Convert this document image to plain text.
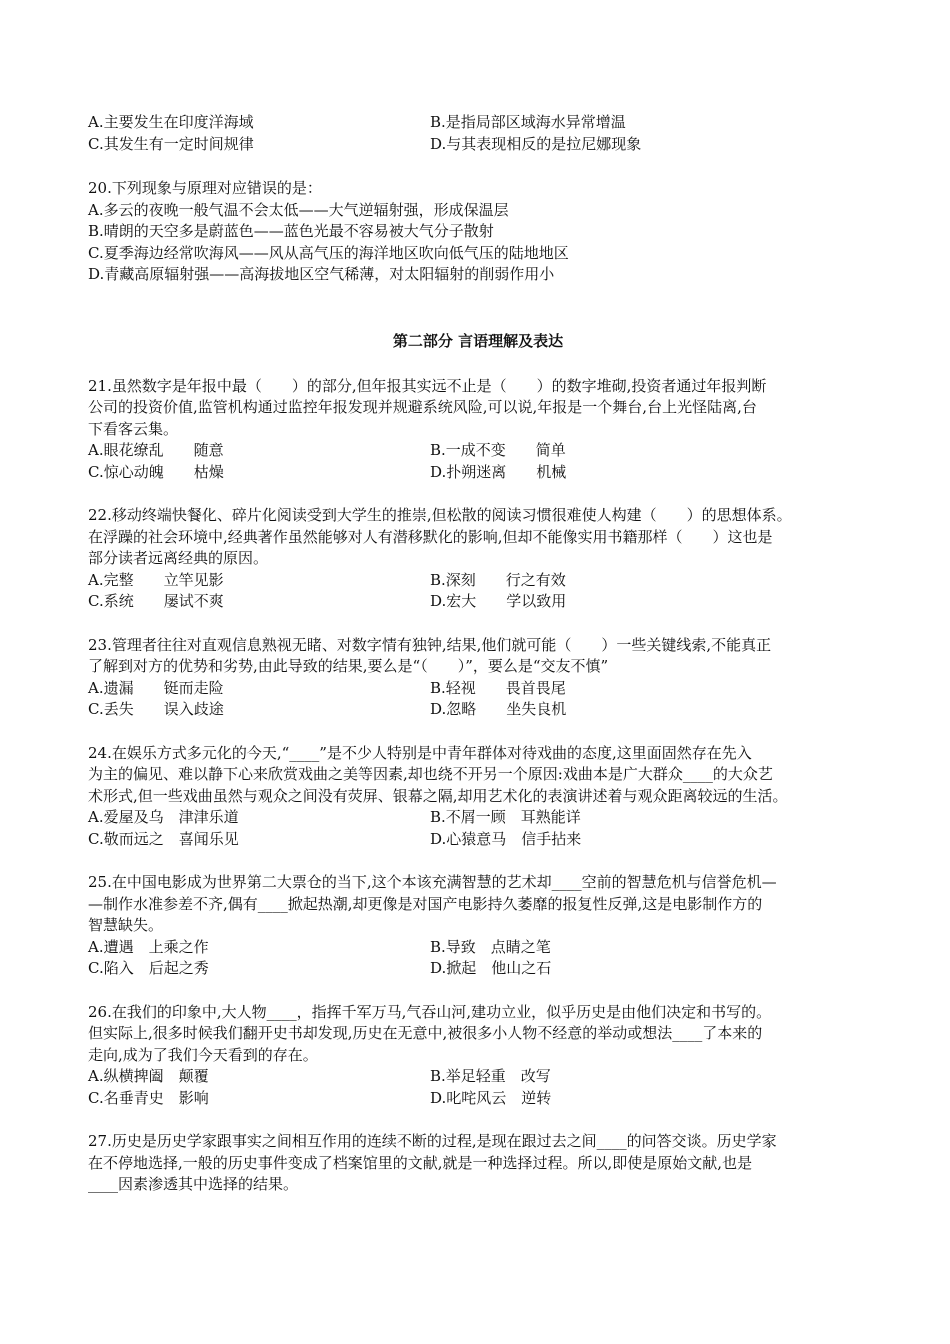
A.主要发生在印度洋海域	B.是指局部区域海水异常增温
C.其发生有一定时间规律	D.与其表现相反的是拉尼娜现象
20.下列现象与原理对应错误的是：
A.多云的夜晚一般气温不会太低——大气逆辐射强，形成保温层
B.晴朗的天空多是蔚蓝色——蓝色光最不容易被大气分子散射
C.夏季海边经常吹海风——风从高气压的海洋地区吹向低气压的陆地地区
D.青藏高原辐射强——高海拔地区空气稀薄，对太阳辐射的削弱作用小
第二部分 言语理解及表达
21.虽然数字是年报中最（　　）的部分,但年报其实远不止是（　　）的数字堆砌,投资者通过年报判断
公司的投资价值,监管机构通过监控年报发现并规避系统风险,可以说,年报是一个舞台,台上光怪陆离,台
下看客云集。
A.眼花缭乱　　随意	B.一成不变　　简单
C.惊心动魄　　枯燥	D.扑朔迷离　　机械
22.移动终端快餐化、碎片化阅读受到大学生的推崇,但松散的阅读习惯很难使人构建（　　）的思想体系。
在浮躁的社会环境中,经典著作虽然能够对人有潜移默化的影响,但却不能像实用书籍那样（　　）这也是
部分读者远离经典的原因。
A.完整　　立竿见影	B.深刻　　行之有效
C.系统　　屡试不爽	D.宏大　　学以致用
23.管理者往往对直观信息熟视无睹、对数字情有独钟,结果,他们就可能（　　）一些关键线索,不能真正
了解到对方的优势和劣势,由此导致的结果,要么是“（　　）”，要么是“交友不慎”
A.遗漏　　铤而走险	B.轻视　　畏首畏尾
C.丢失　　误入歧途	D.忽略　　坐失良机
24.在娱乐方式多元化的今天,“____”是不少人特别是中青年群体对待戏曲的态度,这里面固然存在先入
为主的偏见、难以静下心来欣赏戏曲之美等因素,却也绕不开另一个原因:戏曲本是广大群众____的大众艺
术形式,但一些戏曲虽然与观众之间没有荧屏、银幕之隔,却用艺术化的表演讲述着与观众距离较远的生活。
A.爱屋及乌　津津乐道	B.不屑一顾　耳熟能详
C.敬而远之　喜闻乐见	D.心猿意马　信手拈来
25.在中国电影成为世界第二大票仓的当下,这个本该充满智慧的艺术却____空前的智慧危机与信誉危机—
—制作水准参差不齐,偶有____掀起热潮,却更像是对国产电影持久萎靡的报复性反弹,这是电影制作方的
智慧缺失。
A.遭遇　上乘之作	B.导致　点睛之笔
C.陷入　后起之秀	D.掀起　他山之石
26.在我们的印象中,大人物____，指挥千军万马,气吞山河,建功立业，似乎历史是由他们决定和书写的。
但实际上,很多时候我们翻开史书却发现,历史在无意中,被很多小人物不经意的举动或想法____了本来的
走向,成为了我们今天看到的存在。
A.纵横捭阖　颠覆	B.举足轻重　改写
C.名垂青史　影响	D.叱咤风云　逆转
27.历史是历史学家跟事实之间相互作用的连续不断的过程,是现在跟过去之间____的问答交谈。历史学家
在不停地选择,一般的历史事件变成了档案馆里的文献,就是一种选择过程。所以,即使是原始文献,也是
____因素渗透其中选择的结果。
